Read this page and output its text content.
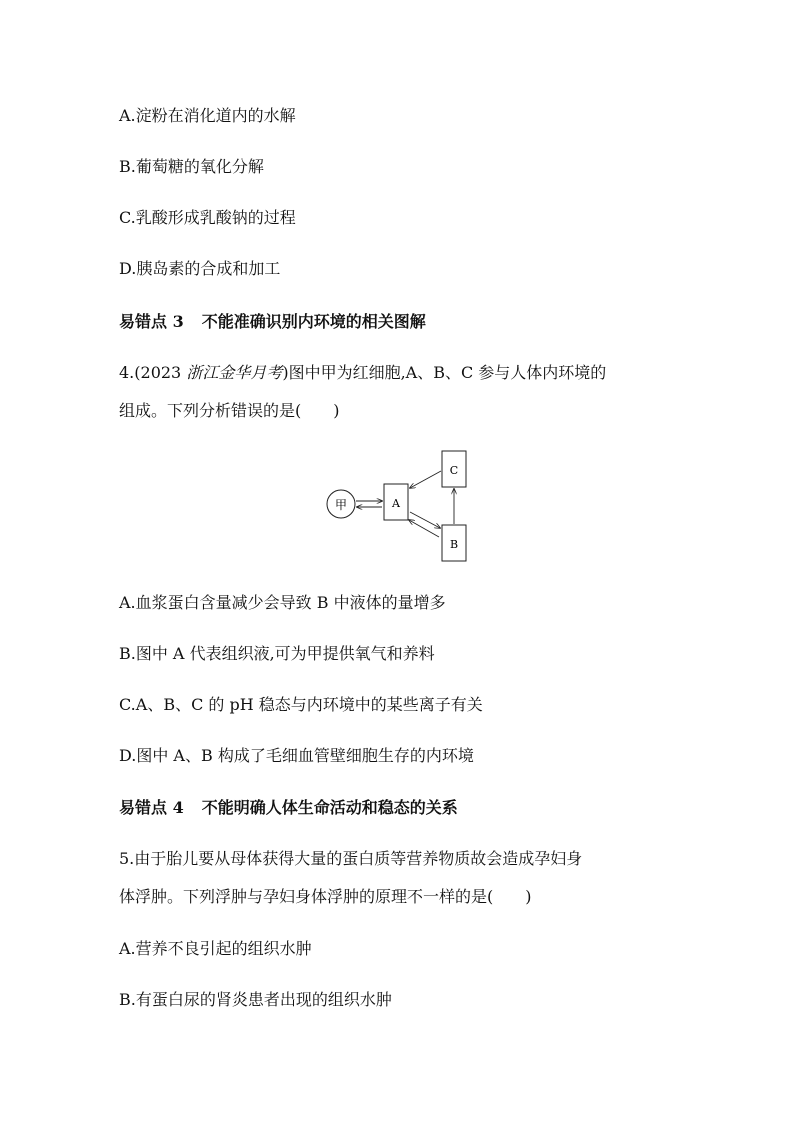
A.淀粉在消化道内的水解
B.葡萄糖的氧化分解
C.乳酸形成乳酸钠的过程
D.胰岛素的合成和加工
易错点 3 不能准确识别内环境的相关图解
4.(2023 浙江金华月考)图中甲为红细胞,A、B、C 参与人体内环境的
组成。下列分析错误的是(　　)
甲	A
C
B
A.血浆蛋白含量减少会导致 B 中液体的量增多
B.图中 A 代表组织液,可为甲提供氧气和养料
C.A、B、C 的 pH 稳态与内环境中的某些离子有关
D.图中 A、B 构成了毛细血管壁细胞生存的内环境
易错点 4 不能明确人体生命活动和稳态的关系
5.由于胎儿要从母体获得大量的蛋白质等营养物质故会造成孕妇身
体浮肿。下列浮肿与孕妇身体浮肿的原理不一样的是(　　)
A.营养不良引起的组织水肿
B.有蛋白尿的肾炎患者出现的组织水肿
